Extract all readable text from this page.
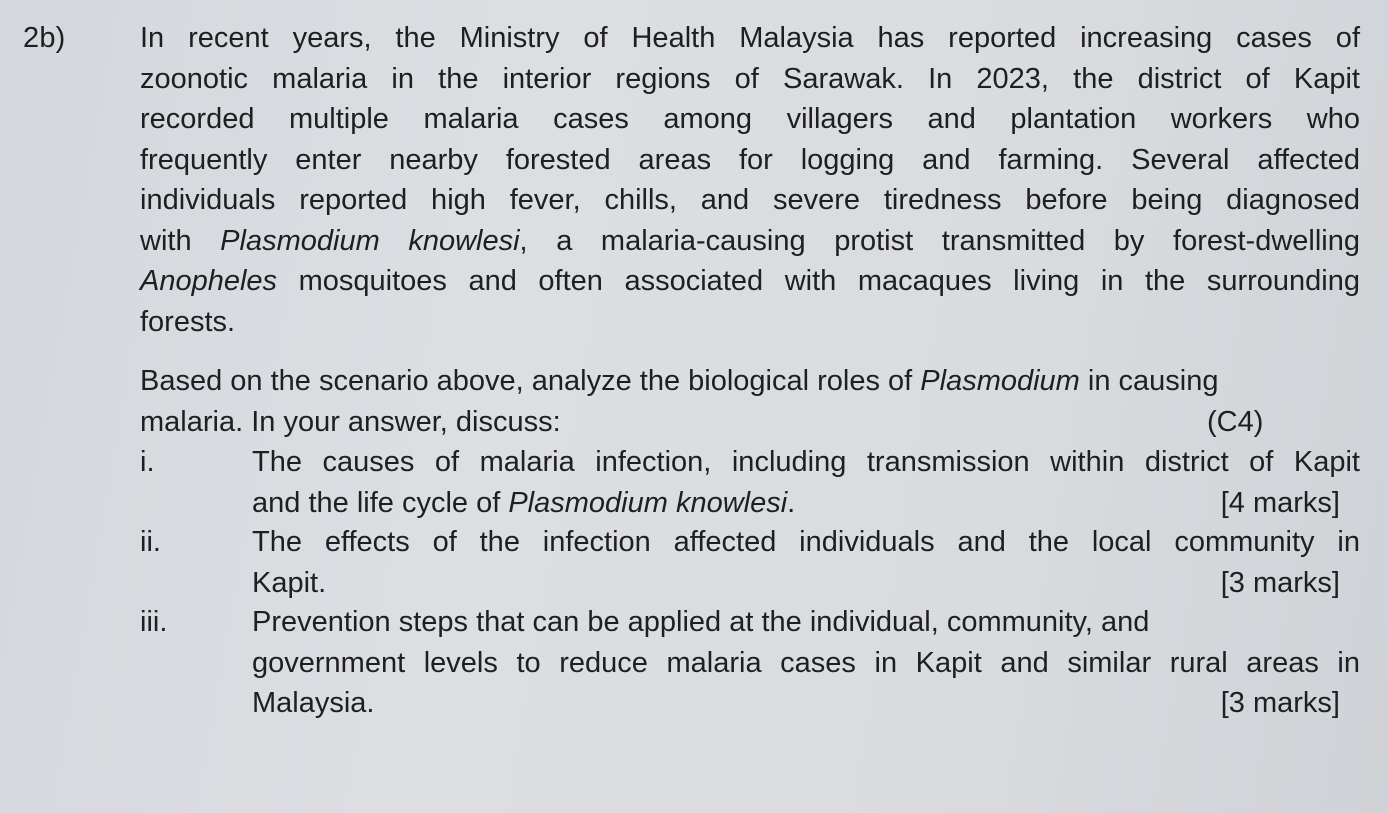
2b)	In recent years, the Ministry of Health Malaysia has reported increasing cases of
zoonotic malaria in the interior regions of Sarawak. In 2023, the district of Kapit
recorded multiple malaria cases among villagers and plantation workers who
frequently enter nearby forested areas for logging and farming. Several affected
individuals reported high fever, chills, and severe tiredness before being diagnosed
with Plasmodium knowlesi, a malaria-causing protist transmitted by forest-dwelling
Anopheles mosquitoes and often associated with macaques living in the surrounding
forests.
Based on the scenario above, analyze the biological roles of Plasmodium in causing
malaria. In your answer, discuss:	(C4)
i.	The causes of malaria infection, including transmission within district of Kapit
and the life cycle of Plasmodium knowlesi.	[4 marks]
ii.	The effects of the infection affected individuals and the local community in
Kapit.	[3 marks]
iii.	Prevention steps that can be applied at the individual, community, and
government levels to reduce malaria cases in Kapit and similar rural areas in
Malaysia.	[3 marks]
